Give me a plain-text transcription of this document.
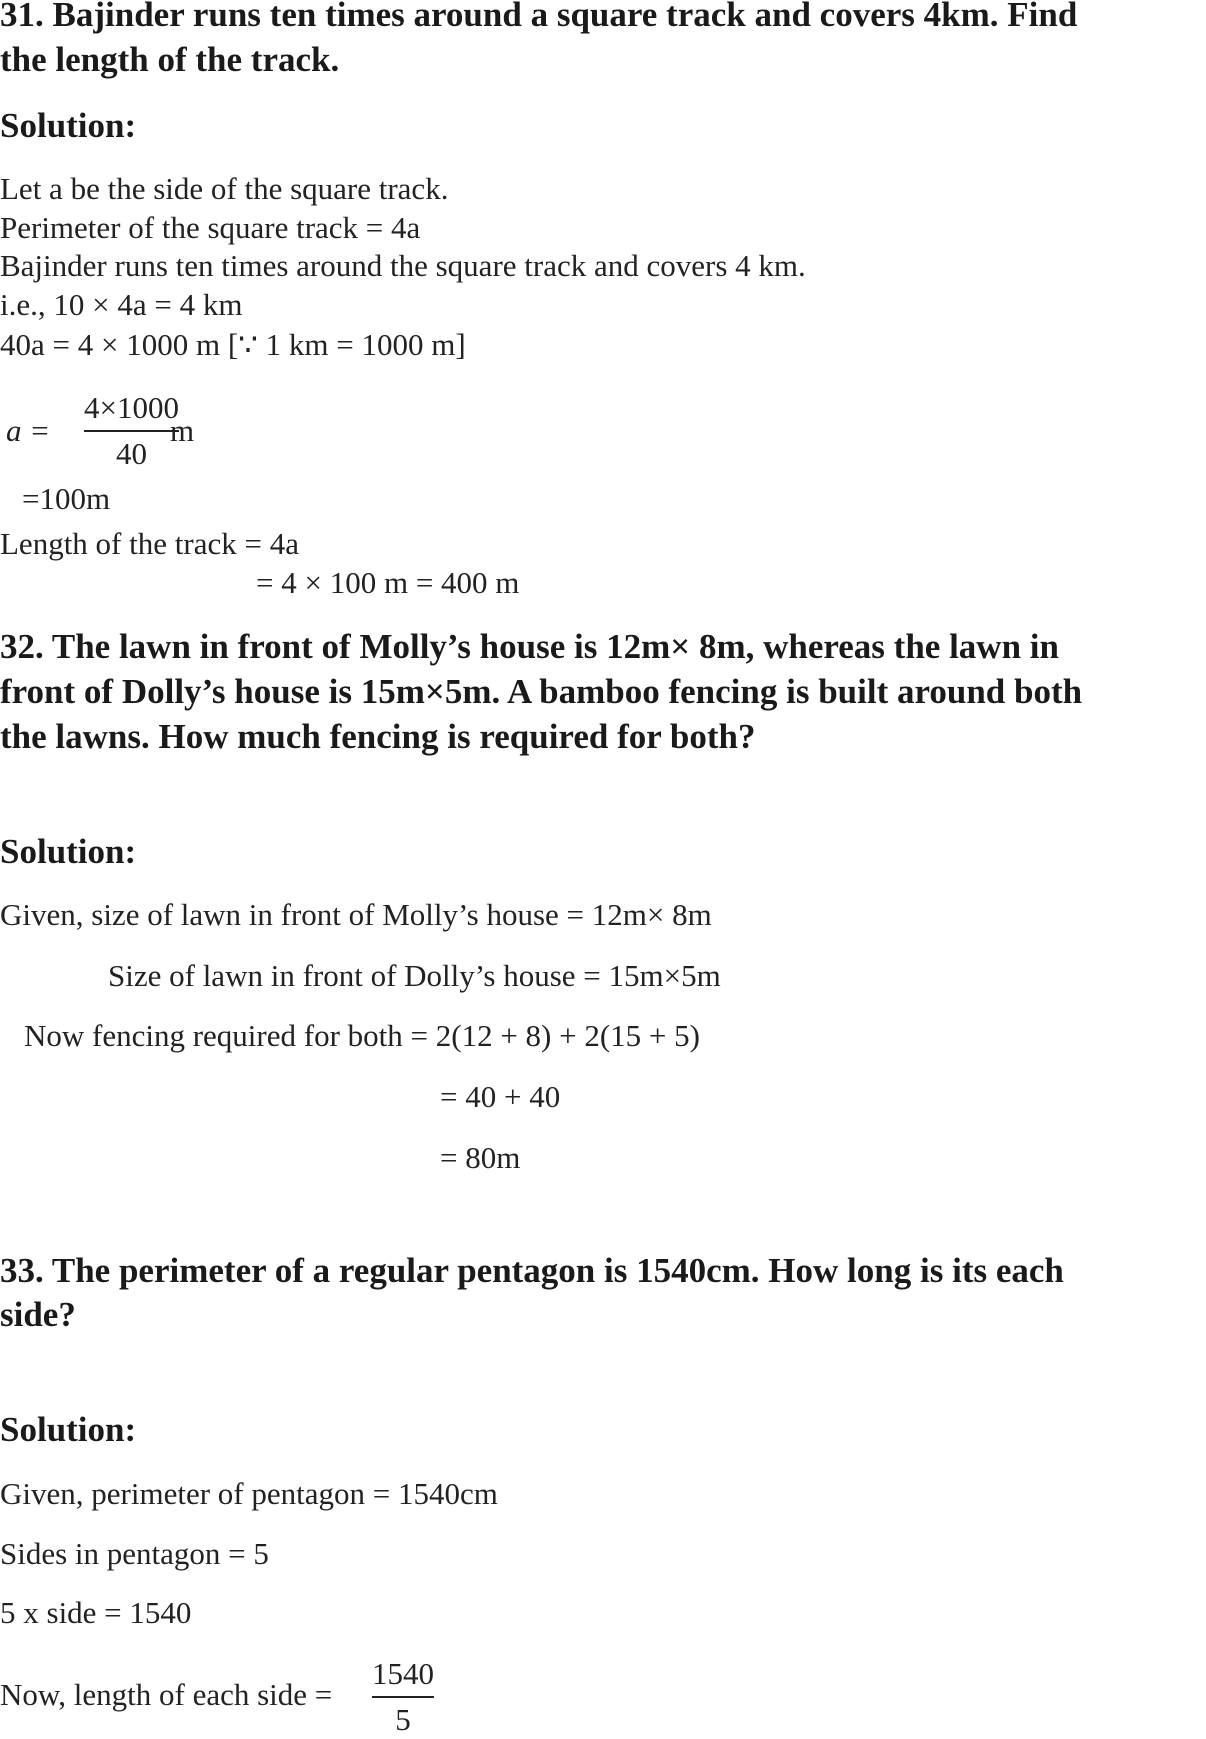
31. Bajinder runs ten times around a square track and covers 4km. Find
the length of the track.
Solution:
Let a be the side of the square track.
Perimeter of the square track = 4a
Bajinder runs ten times around the square track and covers 4 km.
i.e., 10 × 4a = 4 km
40a = 4 × 1000 m [∵ 1 km = 1000 m]
a =
4×1000
40
m
=100m
Length of the track = 4a
= 4 × 100 m = 400 m
32. The lawn in front of Molly’s house is 12m× 8m, whereas the lawn in
front of Dolly’s house is 15m×5m. A bamboo fencing is built around both
the lawns. How much fencing is required for both?
Solution:
Given, size of lawn in front of Molly’s house = 12m× 8m
Size of lawn in front of Dolly’s house = 15m×5m
Now fencing required for both = 2(12 + 8) + 2(15 + 5)
= 40 + 40
= 80m
33. The perimeter of a regular pentagon is 1540cm. How long is its each
side?
Solution:
Given, perimeter of pentagon = 1540cm
Sides in pentagon = 5
5 x side = 1540
Now, length of each side =
1540
5
